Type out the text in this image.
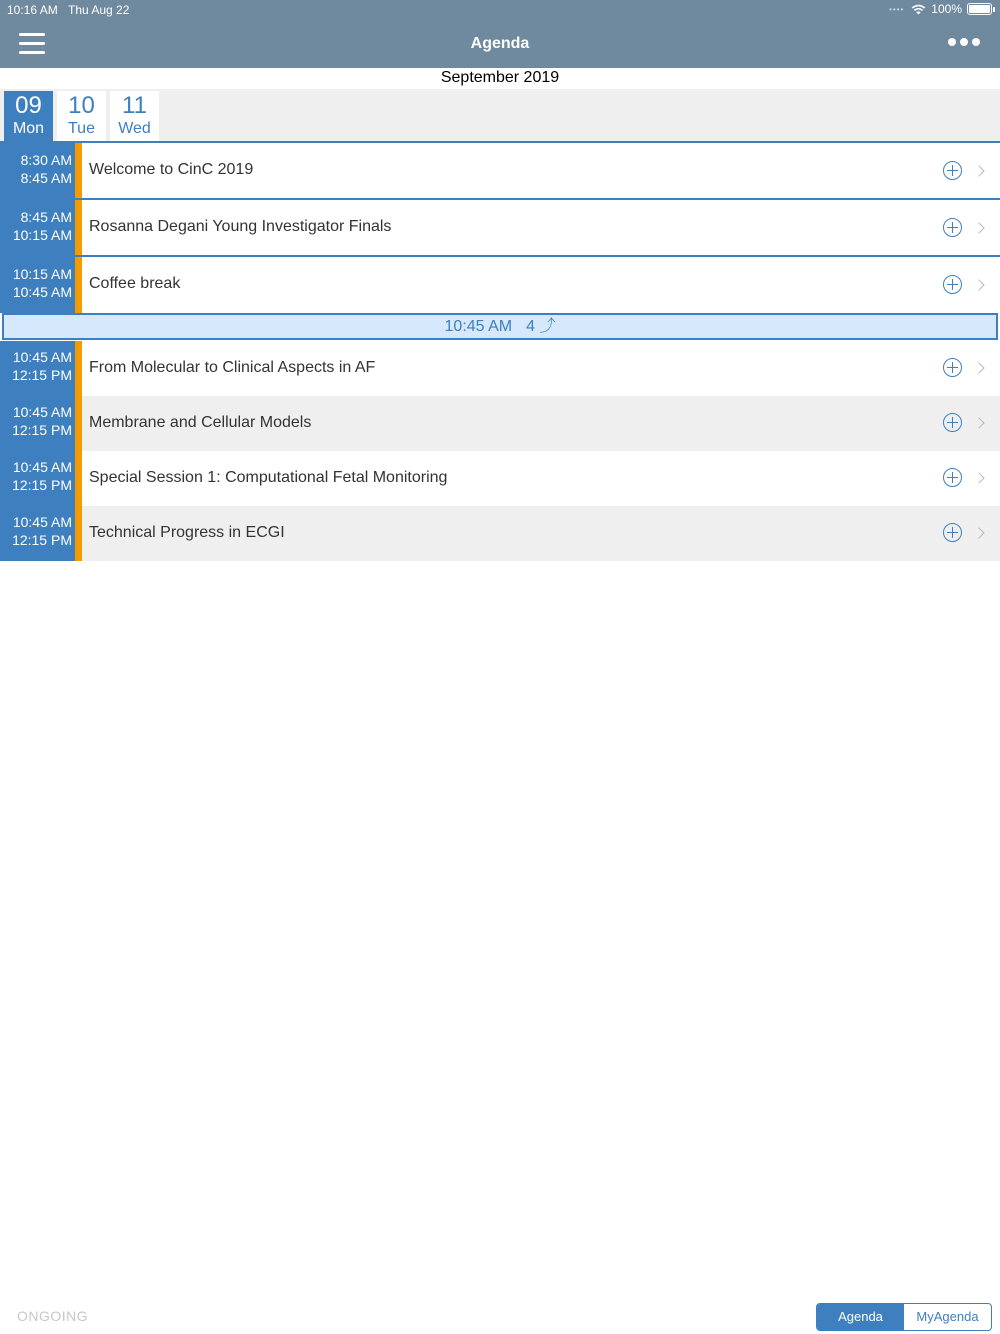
10:16 AM Thu Aug 22	•••• 100%
Agenda
September 2019
09
Mon
10
Tue
11
Wed
8:30 AM
8:45 AM Welcome to CinC 2019
8:45 AM
10:15 AM Rosanna Degani Young Investigator Finals
10:15 AM
10:45 AM Coffee break
10:45 AM 4 ⤴
10:45 AM
12:15 PM From Molecular to Clinical Aspects in AF
10:45 AM
12:15 PM Membrane and Cellular Models
10:45 AM
12:15 PM Special Session 1: Computational Fetal Monitoring
10:45 AM
12:15 PM Technical Progress in ECGI
ONGOING	Agenda	MyAgenda
